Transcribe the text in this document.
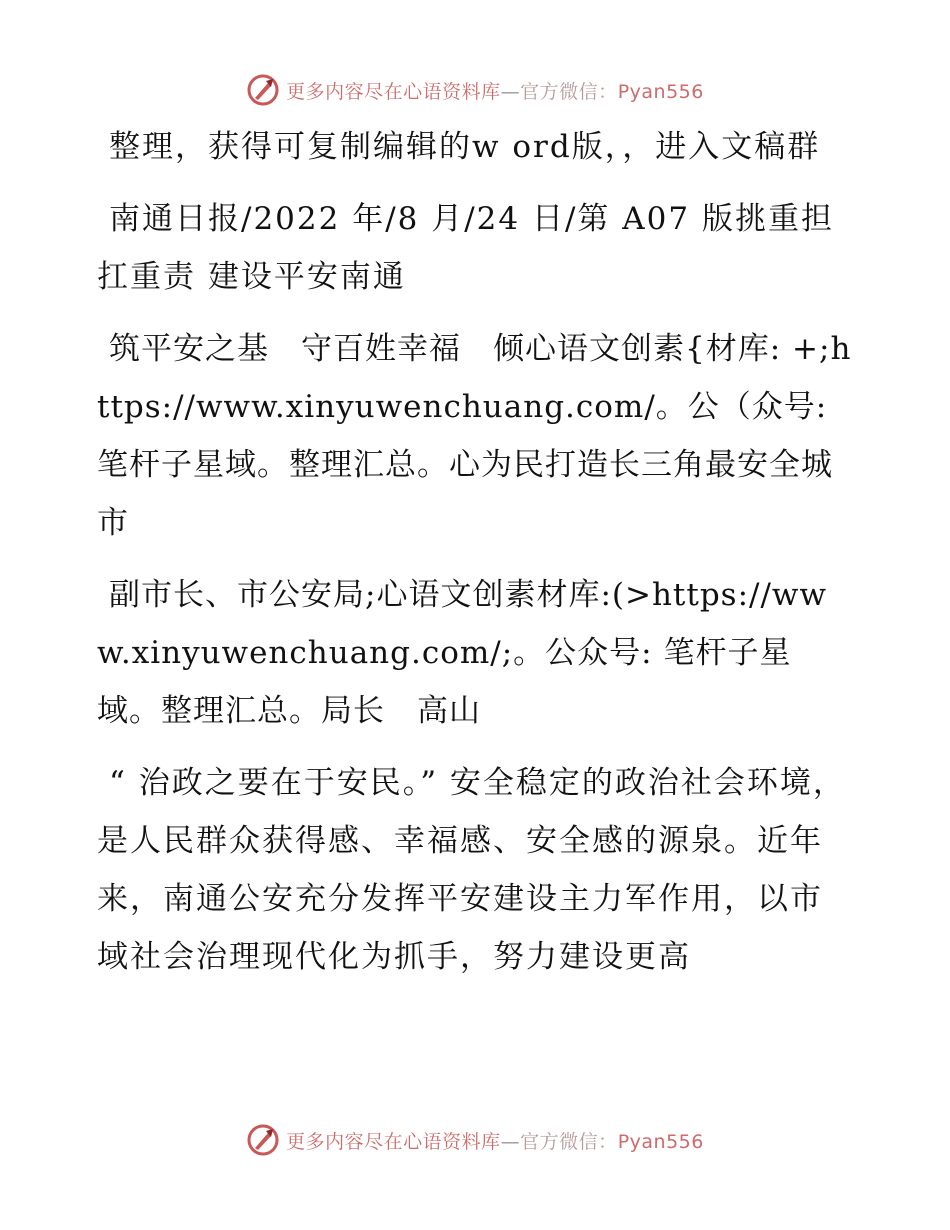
更多内容尽在心语资料库—官方微信：Pyan556

整理，获得可复制编辑的w ord版，，进入文稿群

南通日报/2022 年/8 月/24 日/第 A07 版挑重担扛重责 建设平安南通

筑平安之基　守百姓幸福　倾心语文创素{材库: +;https://www.xinyuwenchuang.com/。公（众号: 笔杆子星域。整理汇总。心为民打造长三角最安全城市

副市长、市公安局;心语文创素材库:(>https://www.xinyuwenchuang.com/;。公众号: 笔杆子星域。整理汇总。局长　高山

“ 治政之要在于安民。” 安全稳定的政治社会环境，是人民群众获得感、幸福感、安全感的源泉。近年来，南通公安充分发挥平安建设主力军作用，以市域社会治理现代化为抓手，努力建设更高

更多内容尽在心语资料库—官方微信：Pyan556
